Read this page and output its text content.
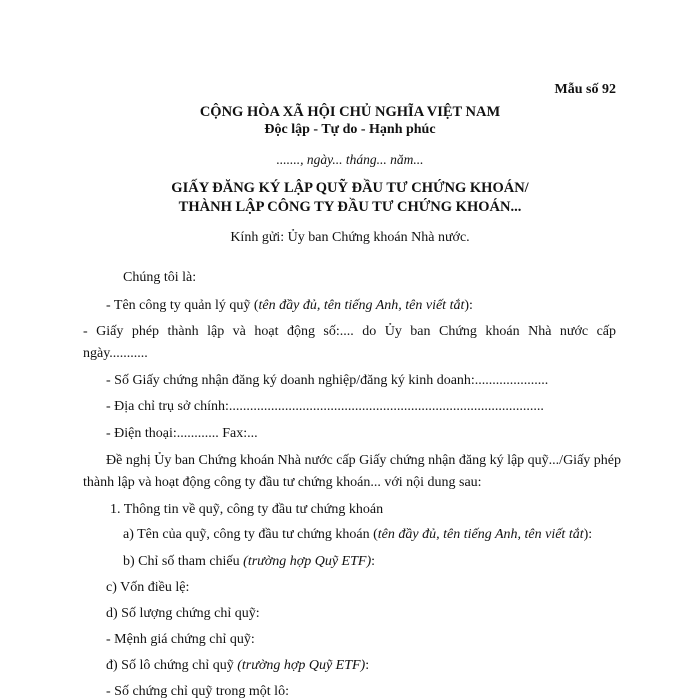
Mẫu số 92
CỘNG HÒA XÃ HỘI CHỦ NGHĨA VIỆT NAM
Độc lập - Tự do - Hạnh phúc
......., ngày... tháng... năm...
GIẤY ĐĂNG KÝ LẬP QUỸ ĐẦU TƯ CHỨNG KHOÁN/
THÀNH LẬP CÔNG TY ĐẦU TƯ CHỨNG KHOÁN...
Kính gửi: Ủy ban Chứng khoán Nhà nước.
Chúng tôi là:
- Tên công ty quản lý quỹ (tên đầy đủ, tên tiếng Anh, tên viết tắt):
- Giấy phép thành lập và hoạt động số:.... do Ủy ban Chứng khoán Nhà nước cấp
ngày...........
- Số Giấy chứng nhận đăng ký doanh nghiệp/đăng ký kinh doanh:.....................
- Địa chỉ trụ sở chính:..........................................................................................
- Điện thoại:............ Fax:...
Đề nghị Ủy ban Chứng khoán Nhà nước cấp Giấy chứng nhận đăng ký lập quỹ.../Giấy phép
thành lập và hoạt động công ty đầu tư chứng khoán... với nội dung sau:
1. Thông tin về quỹ, công ty đầu tư chứng khoán
a) Tên của quỹ, công ty đầu tư chứng khoán (tên đầy đủ, tên tiếng Anh, tên viết tắt):
b) Chỉ số tham chiếu (trường hợp Quỹ ETF):
c) Vốn điều lệ:
d) Số lượng chứng chỉ quỹ:
- Mệnh giá chứng chỉ quỹ:
đ) Số lô chứng chỉ quỹ (trường hợp Quỹ ETF):
- Số chứng chỉ quỹ trong một lô:
